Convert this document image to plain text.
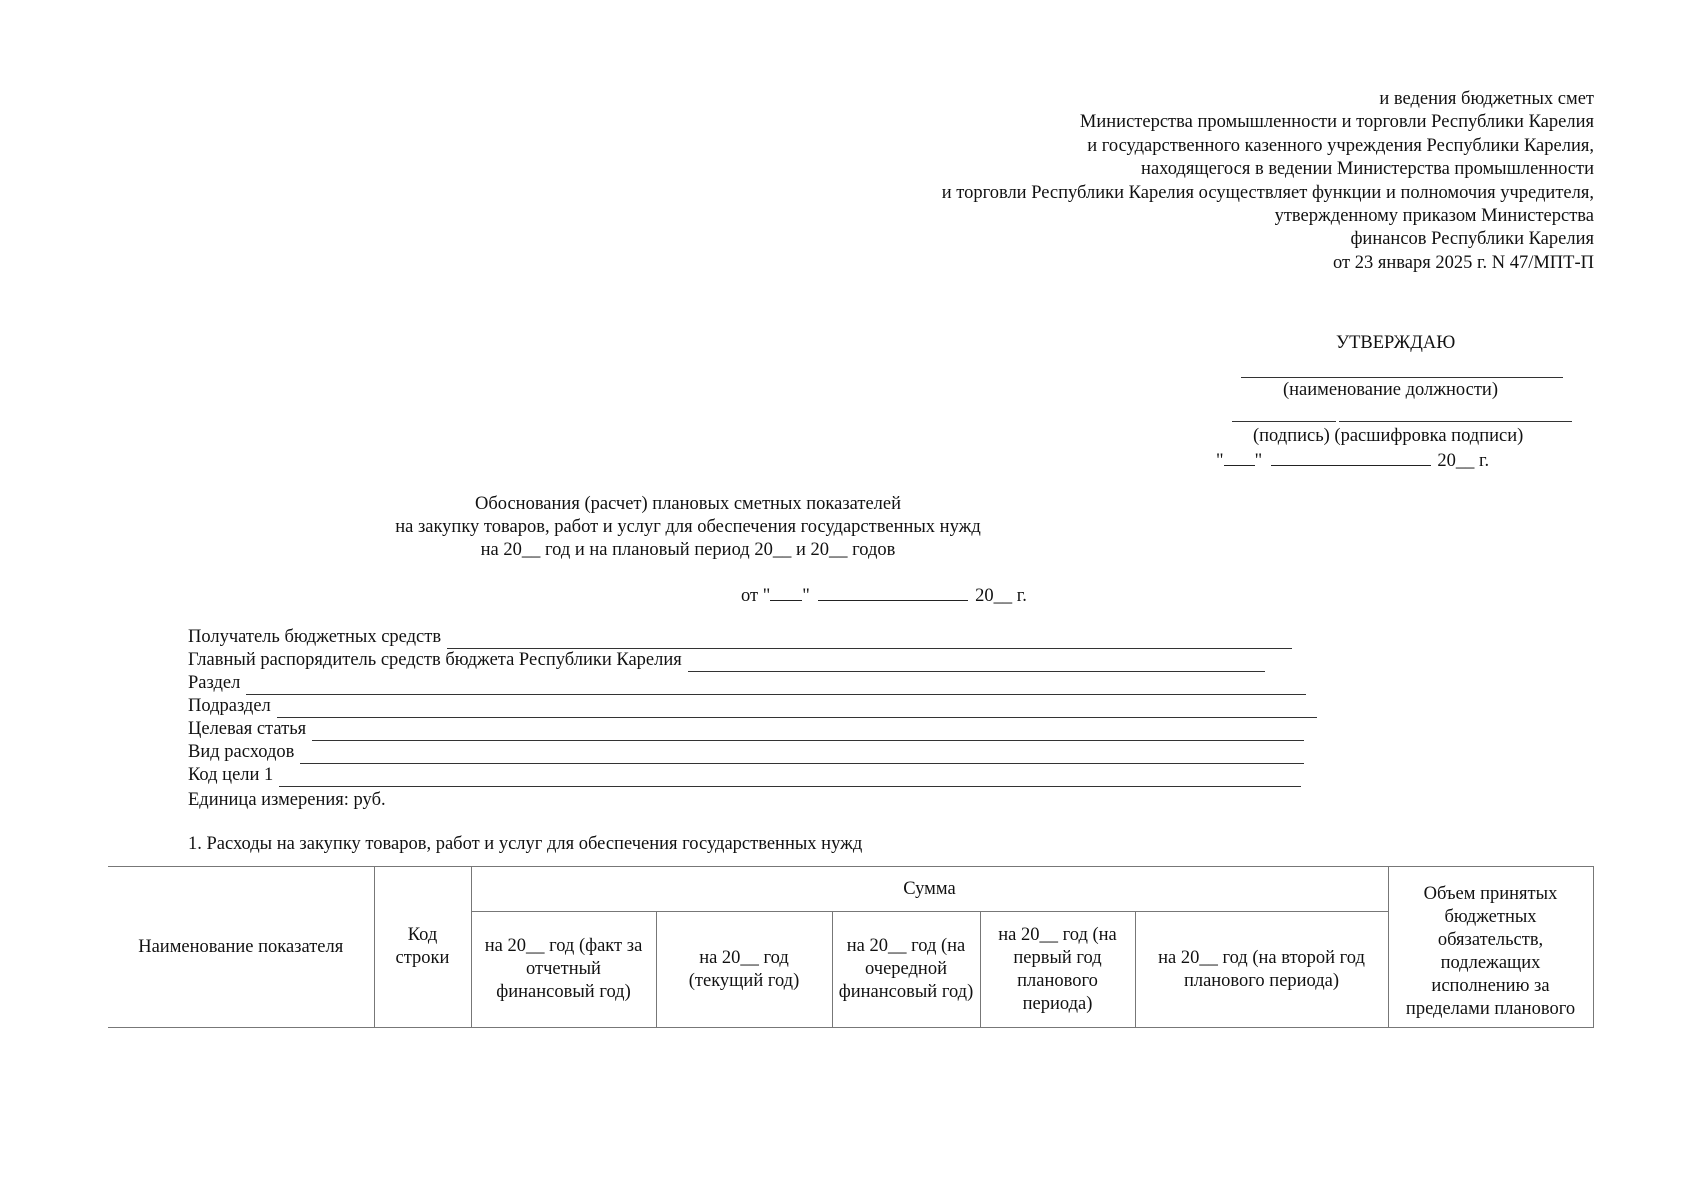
и ведения бюджетных смет
Министерства промышленности и торговли Республики Карелия
и государственного казенного учреждения Республики Карелия,
находящегося в ведении Министерства промышленности
и торговли Республики Карелия осуществляет функции и полномочия учредителя,
утвержденному приказом Министерства
финансов Республики Карелия
от 23 января 2025 г. N 47/МПТ-П
УТВЕРЖДАЮ
(наименование должности)
(подпись) (расшифровка подписи)
" "	20__ г.
Обоснования (расчет) плановых сметных показателей
на закупку товаров, работ и услуг для обеспечения государственных нужд
на 20__ год и на плановый период 20__ и 20__ годов
от " "	20__ г.
Получатель бюджетных средств
Главный распорядитель средств бюджета Республики Карелия
Раздел
Подраздел
Целевая статья
Вид расходов
Код цели 1
Единица измерения: руб.
1. Расходы на закупку товаров, работ и услуг для обеспечения государственных нужд
Наименование показателя	Код строки	Сумма					Объем принятых бюджетных обязательств, подлежащих исполнению за пределами планового
		на 20__ год (факт за отчетный финансовый год)	на 20__ год (текущий год)	на 20__ год (на очередной финансовый год)	на 20__ год (на первый год планового периода)	на 20__ год (на второй год планового периода)	
